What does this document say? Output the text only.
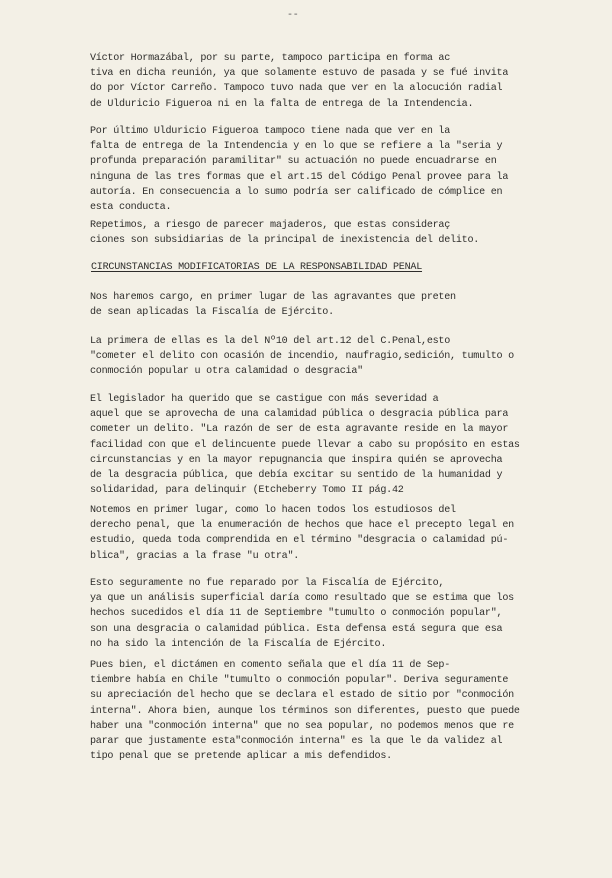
--
Víctor Hormazábal, por su parte, tampoco participa en forma ac
tiva en dicha reunión, ya que solamente estuvo de pasada y se fué invita
do por Víctor Carreño. Tampoco tuvo nada que ver en la alocución radial
de Ulduricio Figueroa ni en la falta de entrega de la Intendencia.
Por último Ulduricio Figueroa tampoco tiene nada que ver en la
falta de entrega de la Intendencia y en lo que se refiere a la "seria y
profunda preparación paramilitar" su actuación no puede encuadrarse en
ninguna de las tres formas que el art.15 del Código Penal provee para la
autoría. En consecuencia a lo sumo podría ser calificado de cómplice en
esta conducta.
Repetimos, a riesgo de parecer majaderos, que estas consideraç
ciones son subsidiarias de la principal de inexistencia del delito.
CIRCUNSTANCIAS MODIFICATORIAS DE LA RESPONSABILIDAD PENAL
Nos haremos cargo, en primer lugar de las agravantes que preten
de sean aplicadas la Fiscalía de Ejército.
La primera de ellas es la del Nº10 del art.12 del C.Penal,esto
"cometer el delito con ocasión de incendio, naufragio,sedición, tumulto o
conmoción popular u otra calamidad o desgracia"
El legislador ha querido que se castigue con más severidad a
aquel que se aprovecha de una calamidad pública o desgracia pública para
cometer un delito. "La razón de ser de esta agravante reside en la mayor
facilidad con que el delincuente puede llevar a cabo su propósito en estas
circunstancias y en la mayor repugnancia que inspira quién se aprovecha
de la desgracia pública, que debía excitar su sentido de la humanidad y
solidaridad, para delinquir (Etcheberry Tomo II pág.42
Notemos en primer lugar, como lo hacen todos los estudiosos del
derecho penal, que la enumeración de hechos que hace el precepto legal en
estudio, queda toda comprendida en el término "desgracia o calamidad pú-
blica", gracias a la frase "u otra".
Esto seguramente no fue reparado por la Fiscalía de Ejército,
ya que un análisis superficial daría como resultado que se estima que los
hechos sucedidos el día 11 de Septiembre "tumulto o conmoción popular",
son una desgracia o calamidad pública. Esta defensa está segura que esa
no ha sido la intención de la Fiscalía de Ejército.
Pues bien, el dictámen en comento señala que el día 11 de Sep-
tiembre había en Chile "tumulto o conmoción popular". Deriva seguramente
su apreciación del hecho que se declara el estado de sitio por "conmoción
interna". Ahora bien, aunque los términos son diferentes, puesto que puede
haber una "conmoción interna" que no sea popular, no podemos menos que re
parar que justamente esta"conmoción interna" es la que le da validez al
tipo penal que se pretende aplicar a mis defendidos.
